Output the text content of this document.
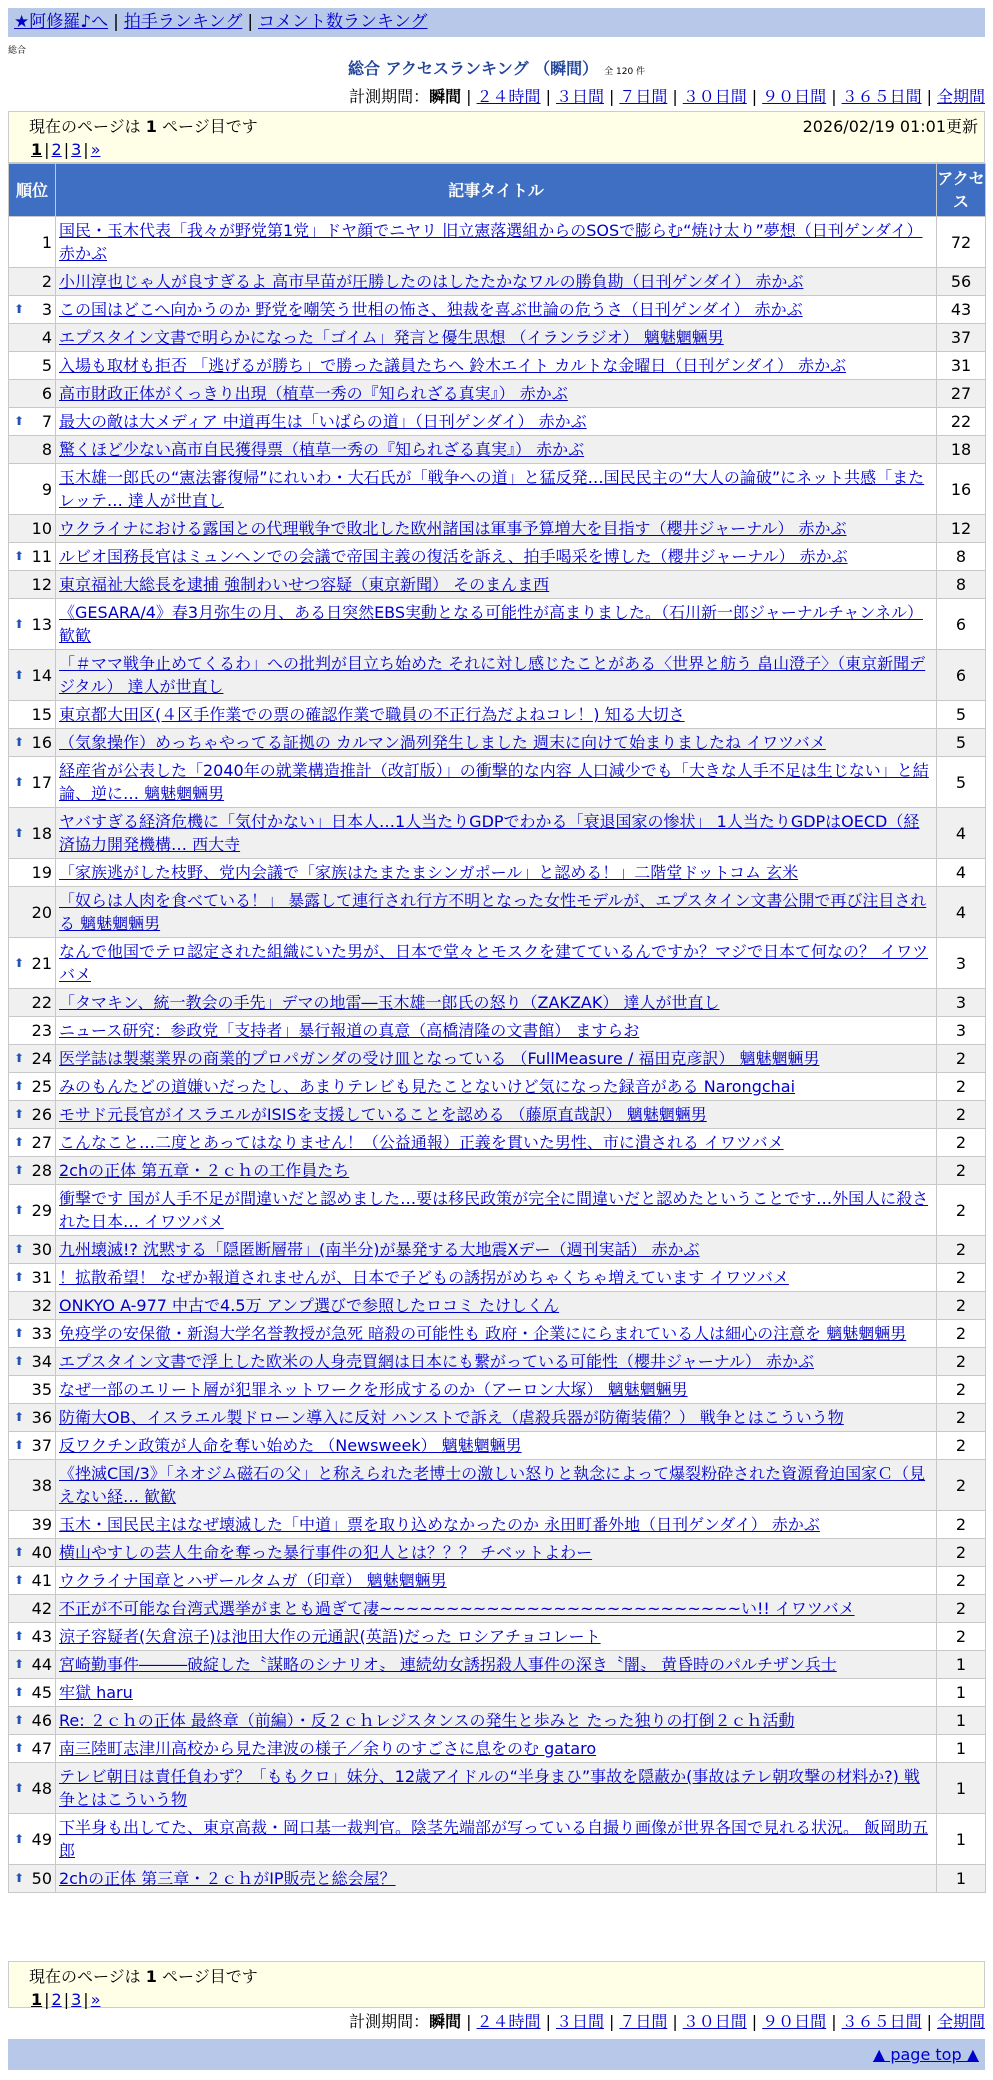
★阿修羅♪へ | 拍手ランキング | コメント数ランキング
総合
総合 アクセスランキング （瞬間） 全 120 件
計測期間：瞬間 | ２４時間 | ３日間 | ７日間 | ３０日間 | ９０日間 | ３６５日間 | 全期間
現在のページは 1 ページ目です	2026/02/19 01:01更新
1 | 2 | 3 | »
順位	記事タイトル	アクセス
1	国民・玉木代表「我々が野党第1党」ドヤ顔でニヤリ 旧立憲落選組からのSOSで膨らむ“焼け太り”夢想（日刊ゲンダイ） 赤かぶ	72
2	小川淳也じゃ人が良すぎるよ 高市早苗が圧勝したのはしたたかなワルの勝負勘（日刊ゲンダイ） 赤かぶ	56

⬆ 3	この国はどこへ向かうのか 野党を嘲笑う世相の怖さ、独裁を喜ぶ世論の危うさ（日刊ゲンダイ） 赤かぶ	43
4	エプスタイン文書で明らかになった「ゴイム」発言と優生思想 （イランラジオ） 魑魅魍魎男	37
5	入場も取材も拒否 「逃げるが勝ち」で勝った議員たちへ 鈴木エイト カルトな金曜日（日刊ゲンダイ） 赤かぶ	31
6	高市財政正体がくっきり出現（植草一秀の『知られざる真実』） 赤かぶ	27

⬆ 7	最大の敵は大メディア 中道再生は「いばらの道」（日刊ゲンダイ） 赤かぶ	22
8	驚くほど少ない高市自民獲得票（植草一秀の『知られざる真実』） 赤かぶ	18
9	玉木雄一郎氏の“憲法審復帰”にれいわ・大石氏が「戦争への道」と猛反発…国民民主の“大人の論破”にネット共感「またレッテ… 達人が世直し	16
10	ウクライナにおける露国との代理戦争で敗北した欧州諸国は軍事予算増大を目指す（櫻井ジャーナル） 赤かぶ	12

⬆ 11	ルビオ国務長官はミュンヘンでの会議で帝国主義の復活を訴え、拍手喝采を博した（櫻井ジャーナル） 赤かぶ	8
12	東京福祉大総長を逮捕 強制わいせつ容疑（東京新聞） そのまんま西	8

⬆ 13	《GESARA/4》春3月弥生の月、ある日突然EBS実動となる可能性が高まりました。（石川新一郎ジャーナルチャンネル） 歓歓	6

⬆ 14	「＃ママ戦争止めてくるわ」への批判が目立ち始めた それに対し感じたことがある〈世界と舫う 畠山澄子〉（東京新聞デジタル） 達人が世直し	6
15	東京都大田区(４区手作業での票の確認作業で職員の不正行為だよねコレ！) 知る大切さ	5

⬆ 16	（気象操作）めっちゃやってる証拠の カルマン渦列発生しました 週末に向けて始まりましたね イワツバメ	5

⬆ 17	経産省が公表した「2040年の就業構造推計（改訂版）」の衝撃的な内容 人口減少でも「大きな人手不足は生じない」と結論、逆に… 魑魅魍魎男	5

⬆ 18	ヤバすぎる経済危機に「気付かない」日本人…1人当たりGDPでわかる「衰退国家の惨状」 1人当たりGDPはOECD（経済協力開発機構… 西大寺	4
19	「家族逃がした枝野、党内会議で「家族はたまたまシンガポール」と認める！」二階堂ドットコム 玄米	4
20	「奴らは人肉を食べている！」 暴露して連行され行方不明となった女性モデルが、エプスタイン文書公開で再び注目される 魑魅魍魎男	4

⬆ 21	なんで他国でテロ認定された組織にいた男が、日本で堂々とモスクを建てているんですか？マジで日本て何なの？ イワツバメ	3
22	「タマキン、統一教会の手先」デマの地雷―玉木雄一郎氏の怒り（ZAKZAK） 達人が世直し	3
23	ニュース研究：参政党「支持者」暴行報道の真意（高橋清隆の文書館） ますらお	3

⬆ 24	医学誌は製薬業界の商業的プロパガンダの受け皿となっている （FullMeasure / 福田克彦訳） 魑魅魍魎男	2

⬆ 25	みのもんたどの道嫌いだったし、あまりテレビも見たことないけど気になった録音がある Narongchai	2

⬆ 26	モサド元長官がイスラエルがISISを支援していることを認める （藤原直哉訳） 魑魅魍魎男	2

⬆ 27	こんなこと…二度とあってはなりません！（公益通報）正義を貫いた男性、市に潰される イワツバメ	2

⬆ 28	2chの正体 第五章・２ｃｈの工作員たち	2

⬆ 29	衝撃です 国が人手不足が間違いだと認めました…要は移民政策が完全に間違いだと認めたということです…外国人に殺された日本… イワツバメ	2

⬆ 30	九州壊滅!? 沈黙する「隠匿断層帯」(南半分)が暴発する大地震Xデー（週刊実話） 赤かぶ	2

⬆ 31	！拡散希望！ なぜか報道されませんが、日本で子どもの誘拐がめちゃくちゃ増えています イワツバメ	2
32	ONKYO A-977 中古で4.5万 アンプ選びで参照したロコミ たけしくん	2

⬆ 33	免疫学の安保徹・新潟大学名誉教授が急死 暗殺の可能性も 政府・企業ににらまれている人は細心の注意を 魑魅魍魎男	2

⬆ 34	エプスタイン文書で浮上した欧米の人身売買網は日本にも繋がっている可能性（櫻井ジャーナル） 赤かぶ	2
35	なぜ一部のエリート層が犯罪ネットワークを形成するのか（アーロン大塚） 魑魅魍魎男	2

⬆ 36	防衛大OB、イスラエル製ドローン導入に反対 ハンストで訴え（虐殺兵器が防衛装備？） 戦争とはこういう物	2

⬆ 37	反ワクチン政策が人命を奪い始めた （Newsweek） 魑魅魍魎男	2
38	《挫滅C国/3》「ネオジム磁石の父」と称えられた老博士の激しい怒りと執念によって爆裂粉砕された資源脅迫国家Ｃ（見えない経… 歓歓	2
39	玉木・国民民主はなぜ壊滅した「中道」票を取り込めなかったのか 永田町番外地（日刊ゲンダイ） 赤かぶ	2

⬆ 40	横山やすしの芸人生命を奪った暴行事件の犯人とは？？？ チベットよわー	2

⬆ 41	ウクライナ国章とハザールタムガ（印章） 魑魅魍魎男	2
42	不正が不可能な台湾式選挙がまとも過ぎて凄~~~~~~~~~~~~~~~~~~~~~~~~~~~い!! イワツバメ	2

⬆ 43	涼子容疑者(矢倉涼子)は池田大作の元通訳(英語)だった ロシアチョコレート	2

⬆ 44	宮崎勤事件―――破綻した〝謀略のシナリオ〟 連続幼女誘拐殺人事件の深き〝闇〟 黄昏時のパルチザン兵士	1

⬆ 45	牢獄 haru	1

⬆ 46	Re: ２ｃｈの正体 最終章（前編）・反２ｃｈレジスタンスの発生と歩みと たった独りの打倒２ｃｈ活動	1

⬆ 47	南三陸町志津川高校から見た津波の様子／余りのすごさに息をのむ gataro	1

⬆ 48	テレビ朝日は責任負わず？「ももクロ」妹分、12歳アイドルの“半身まひ”事故を隠蔽か(事故はテレ朝攻撃の材料か?) 戦争とはこういう物	1

⬆ 49	下半身も出してた、東京高裁・岡口基一裁判官。陰茎先端部が写っている自撮り画像が世界各国で見れる状況。 飯岡助五郎	1

⬆ 50	2chの正体 第三章・２ｃｈがIP販売と総会屋？	1
現在のページは 1 ページ目です
1 | 2 | 3 | »
計測期間：瞬間 | ２４時間 | ３日間 | ７日間 | ３０日間 | ９０日間 | ３６５日間 | 全期間
▲ page top ▲
